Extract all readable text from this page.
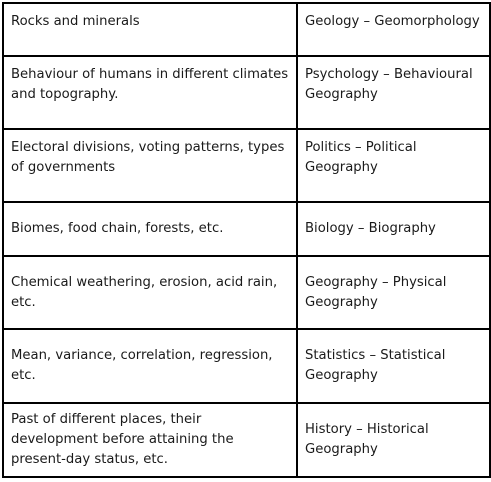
Rocks and minerals	Geology – Geomorphology
Behaviour of humans in different climates and topography.	Psychology – Behavioural Geography
Electoral divisions, voting patterns, types of governments	Politics – Political Geography
Biomes, food chain, forests, etc.	Biology – Biography
Chemical weathering, erosion, acid rain, etc.	Geography – Physical Geography
Mean, variance, correlation, regression, etc.	Statistics – Statistical Geography
Past of different places, their development before attaining the present-day status, etc.	History – Historical Geography
